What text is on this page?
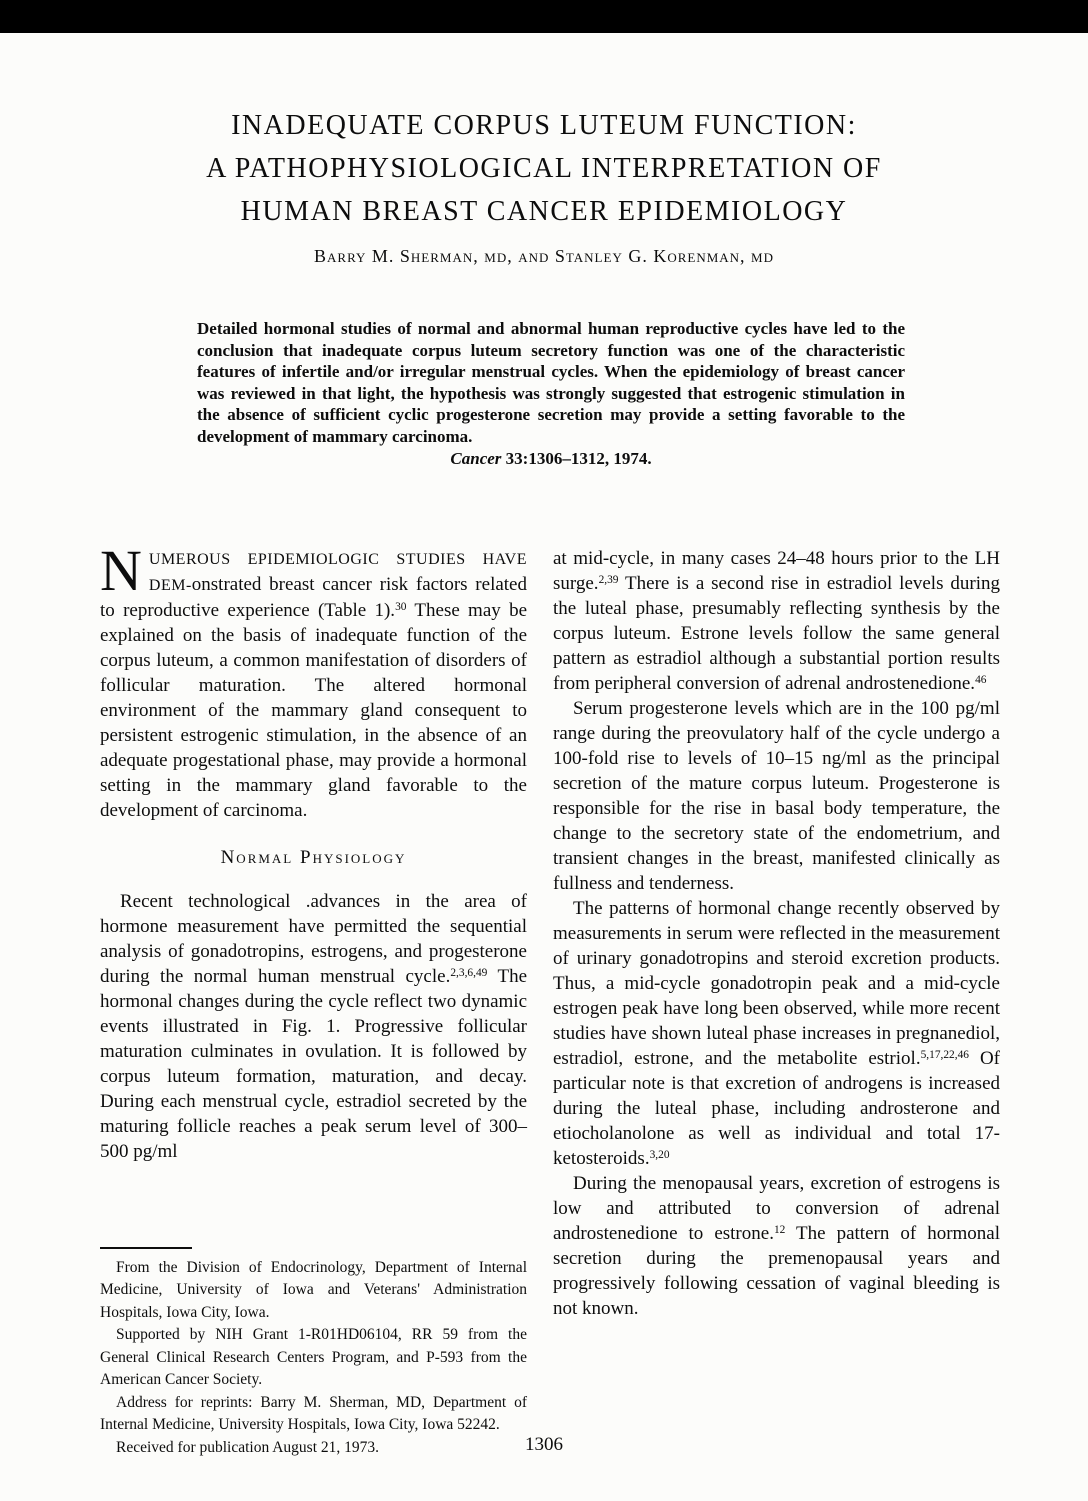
INADEQUATE CORPUS LUTEUM FUNCTION:
A PATHOPHYSIOLOGICAL INTERPRETATION OF
HUMAN BREAST CANCER EPIDEMIOLOGY
Barry M. Sherman, md, and Stanley G. Korenman, md

Detailed hormonal studies of normal and abnormal human reproductive cycles have led to the conclusion that inadequate corpus luteum secretory function was one of the characteristic features of infertile and/or irregular menstrual cycles. When the epidemiology of breast cancer was reviewed in that light, the hypothesis was strongly suggested that estrogenic stimulation in the absence of sufficient cyclic progesterone secretion may provide a setting favorable to the development of mammary carcinoma.

Cancer 33:1306–1312, 1974.

NUMEROUS EPIDEMIOLOGIC STUDIES HAVE DEM-onstrated breast cancer risk factors related to reproductive experience (Table 1).$^{30}$ These may be explained on the basis of inadequate function of the corpus luteum, a common manifestation of disorders of follicular maturation. The altered hormonal environment of the mammary gland consequent to persistent estrogenic stimulation, in the absence of an adequate progestational phase, may provide a hormonal setting in the mammary gland favorable to the development of carcinoma.

Normal Physiology

Recent technological .advances in the area of hormone measurement have permitted the sequential analysis of gonadotropins, estrogens, and progesterone during the normal human menstrual cycle.$^{2,3,6,49}$ The hormonal changes during the cycle reflect two dynamic events illustrated in Fig. 1. Progressive follicular maturation culminates in ovulation. It is followed by corpus luteum formation, maturation, and decay. During each menstrual cycle, estradiol secreted by the maturing follicle reaches a peak serum level of 300–500 pg/ml

From the Division of Endocrinology, Department of Internal Medicine, University of Iowa and Veterans' Administration Hospitals, Iowa City, Iowa.

Supported by NIH Grant 1-R01HD06104, RR 59 from the General Clinical Research Centers Program, and P-593 from the American Cancer Society.

Address for reprints: Barry M. Sherman, MD, Department of Internal Medicine, University Hospitals, Iowa City, Iowa 52242.

Received for publication August 21, 1973.

at mid-cycle, in many cases 24–48 hours prior to the LH surge.$^{2,39}$ There is a second rise in estradiol levels during the luteal phase, presumably reflecting synthesis by the corpus luteum. Estrone levels follow the same general pattern as estradiol although a substantial portion results from peripheral conversion of adrenal androstenedione.$^{46}$

Serum progesterone levels which are in the 100 pg/ml range during the preovulatory half of the cycle undergo a 100-fold rise to levels of 10–15 ng/ml as the principal secretion of the mature corpus luteum. Progesterone is responsible for the rise in basal body temperature, the change to the secretory state of the endometrium, and transient changes in the breast, manifested clinically as fullness and tenderness.

The patterns of hormonal change recently observed by measurements in serum were reflected in the measurement of urinary gonadotropins and steroid excretion products. Thus, a mid-cycle gonadotropin peak and a mid-cycle estrogen peak have long been observed, while more recent studies have shown luteal phase increases in pregnanediol, estradiol, estrone, and the metabolite estriol.$^{5,17,22,46}$ Of particular note is that excretion of androgens is increased during the luteal phase, including androsterone and etiocholanolone as well as individual and total 17-ketosteroids.$^{3,20}$

During the menopausal years, excretion of estrogens is low and attributed to conversion of adrenal androstenedione to estrone.$^{12}$ The pattern of hormonal secretion during the premenopausal years and progressively following cessation of vaginal bleeding is not known.

1306
